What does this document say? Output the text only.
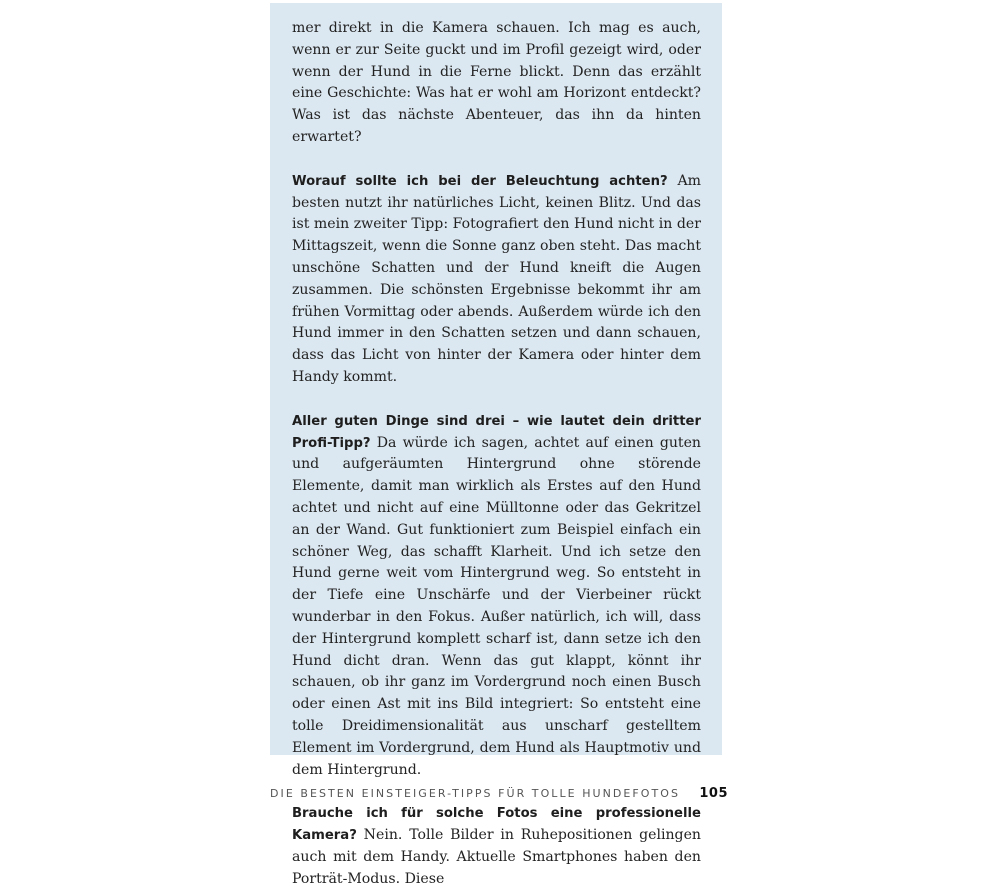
mer direkt in die Kamera schauen. Ich mag es auch, wenn er zur Seite guckt und im Profil gezeigt wird, oder wenn der Hund in die Ferne blickt. Denn das erzählt eine Geschichte: Was hat er wohl am Horizont entdeckt? Was ist das nächste Abenteuer, das ihn da hinten erwartet?

Worauf sollte ich bei der Beleuchtung achten? Am besten nutzt ihr natürliches Licht, keinen Blitz. Und das ist mein zweiter Tipp: Fotografiert den Hund nicht in der Mittagszeit, wenn die Sonne ganz oben steht. Das macht unschöne Schatten und der Hund kneift die Augen zusammen. Die schönsten Ergebnisse bekommt ihr am frühen Vormittag oder abends. Außerdem würde ich den Hund immer in den Schatten setzen und dann schauen, dass das Licht von hinter der Kamera oder hinter dem Handy kommt.

Aller guten Dinge sind drei – wie lautet dein dritter Profi-Tipp? Da würde ich sagen, achtet auf einen guten und aufgeräumten Hintergrund ohne störende Elemente, damit man wirklich als Erstes auf den Hund achtet und nicht auf eine Mülltonne oder das Gekritzel an der Wand. Gut funktioniert zum Beispiel einfach ein schöner Weg, das schafft Klarheit. Und ich setze den Hund gerne weit vom Hintergrund weg. So entsteht in der Tiefe eine Unschärfe und der Vierbeiner rückt wunderbar in den Fokus. Außer natürlich, ich will, dass der Hintergrund komplett scharf ist, dann setze ich den Hund dicht dran. Wenn das gut klappt, könnt ihr schauen, ob ihr ganz im Vordergrund noch einen Busch oder einen Ast mit ins Bild integriert: So entsteht eine tolle Dreidimensionalität aus unscharf gestelltem Element im Vordergrund, dem Hund als Hauptmotiv und dem Hintergrund.

Brauche ich für solche Fotos eine professionelle Kamera? Nein. Tolle Bilder in Ruhepositionen gelingen auch mit dem Handy. Aktuelle Smartphones haben den Porträt-Modus. Diese

DIE BESTEN EINSTEIGER-TIPPS FÜR TOLLE HUNDEFOTOS 105
